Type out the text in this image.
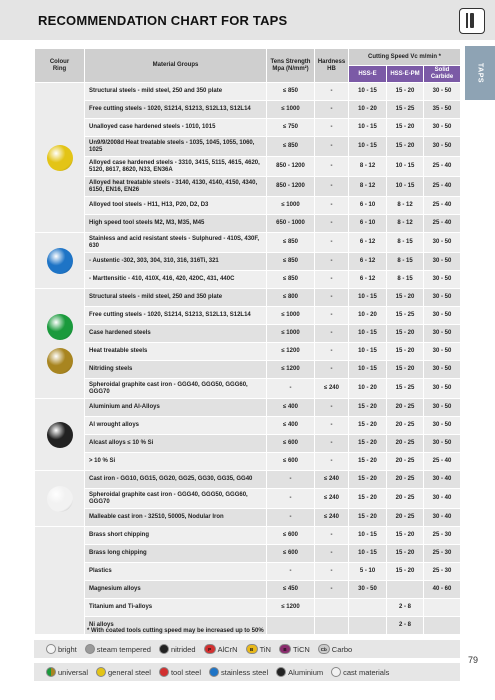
RECOMMENDATION CHART FOR TAPS
TAPS
Colour
Ring	Material Groups	Tens Strength
Mpa (N/mm²)	Hardness
HB	Cutting Speed Vc m/min *		
				HSS-E	HSS-E-PM	Solid
Carbide

	Structural steels - mild steel, 250 and 350 plate	≤ 850	-	10 - 15	15 - 20	30 - 50
	Free cutting steels - 1020, S1214, S1213, S12L13, S12L14	≤ 1000	-	10 - 20	15 - 25	35 - 50
	Unalloyed case hardened steels - 1010, 1015	≤ 750	-	10 - 15	15 - 20	30 - 50
	Un9/9/2008d Heat treatable steels - 1035, 1045, 1055, 1060, 1025	≤ 850	-	10 - 15	15 - 20	30 - 50
	Alloyed case hardened steels - 3310, 3415, 5115, 4615, 4620, 5120, 8617, 8620, N33, EN36A	850 - 1200	-	8 - 12	10 - 15	25 - 40
	Alloyed heat treatable steels - 3140, 4130, 4140, 4150, 4340, 6150, EN16, EN26	850 - 1200	-	8 - 12	10 - 15	25 - 40
	Alloyed tool steels - H11, H13, P20, D2, D3	≤ 1000	-	6 - 10	8 - 12	25 - 40
	High speed tool steels M2, M3, M35, M45	650 - 1000	-	6 - 10	8 - 12	25 - 40

	Stainless and acid resistant steels - Sulphured - 410S, 430F, 630	≤ 850	-	6 - 12	8 - 15	30 - 50
	- Austentic -302, 303, 304, 310, 316, 316Ti, 321	≤ 850	-	6 - 12	8 - 15	30 - 50
	- Marttensitic - 410, 410X, 416, 420, 420C, 431, 440C	≤ 850	-	6 - 12	8 - 15	30 - 50

	Structural steels - mild steel, 250 and 350 plate	≤ 800	-	10 - 15	15 - 20	30 - 50
	Free cutting steels - 1020, S1214, S1213, S12L13, S12L14	≤ 1000	-	10 - 20	15 - 25	30 - 50
	Case hardened steels	≤ 1000	-	10 - 15	15 - 20	30 - 50
	Heat treatable steels	≤ 1200	-	10 - 15	15 - 20	30 - 50
	Nitriding steels	≤ 1200	-	10 - 15	15 - 20	30 - 50
	Spheroidal graphite cast iron - GGG40, GGG50, GGG60, GGG70	-	≤ 240	10 - 20	15 - 25	30 - 50

	Aluminium and Al-Alloys	≤ 400	-	15 - 20	20 - 25	30 - 50
	Al wrought alloys	≤ 400	-	15 - 20	20 - 25	30 - 50
	Alcast alloys ≤ 10 % Si	≤ 600	-	15 - 20	20 - 25	30 - 50
	> 10 % Si	≤ 600	-	15 - 20	20 - 25	25 - 40

	Cast iron - GG10, GG15, GG20, GG25, GG30, GG35, GG40	-	≤ 240	15 - 20	20 - 25	30 - 40
	Spheroidal graphite cast iron - GGG40, GGG50, GGG60, GGG70	-	≤ 240	15 - 20	20 - 25	30 - 40
	Malleable cast iron - 32510, 50005, Nodular Iron	-	≤ 240	15 - 20	20 - 25	30 - 40
	Brass short chipping	≤ 600	-	10 - 15	15 - 20	25 - 30
	Brass long chipping	≤ 600	-	10 - 15	15 - 20	25 - 30
	Plastics	-	-	5 - 10	15 - 20	25 - 30
	Magnesium alloys	≤ 450	-	30 - 50		40 - 60
	Titanium and Ti-alloys	≤ 1200			2 - 8	
	Ni alloys				2 - 8	
* With coated tools cutting speed may be increased up to 50%
bright	steam tempered	nitrided	P AlCrN	B TiN	B TiCN	Cb Carbo
universal	general steel	tool steel	stainless steel	Aluminium	cast materials
79
